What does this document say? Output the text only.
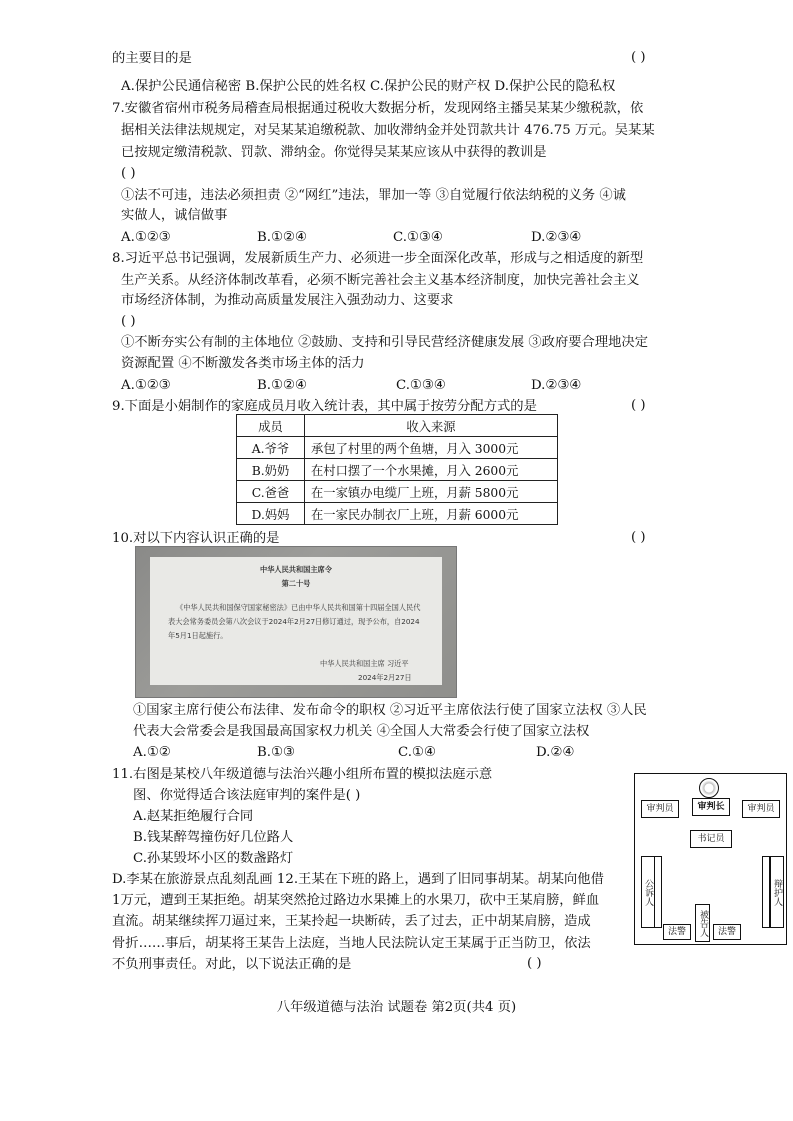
的主要目的是	( )
A.保护公民通信秘密 B.保护公民的姓名权 C.保护公民的财产权 D.保护公民的隐私权
7.安徽省宿州市税务局稽查局根据通过税收大数据分析，发现网络主播吴某某少缴税款，依
据相关法律法规规定，对吴某某追缴税款、加收滞纳金并处罚款共计 476.75 万元。吴某某
已按规定缴清税款、罚款、滞纳金。你觉得吴某某应该从中获得的教训是
( )
①法不可违，违法必须担责 ②“网红”违法，罪加一等 ③自觉履行依法纳税的义务 ④诚
实做人，诚信做事
A.①②③	B.①②④	C.①③④	D.②③④
8.习近平总书记强调，发展新质生产力、必须进一步全面深化改革，形成与之相适度的新型
生产关系。从经济体制改革看，必须不断完善社会主义基本经济制度，加快完善社会主义
市场经济体制，为推动高质量发展注入强劲动力、这要求
( )
①不断夯实公有制的主体地位 ②鼓励、支持和引导民营经济健康发展 ③政府要合理地决定
资源配置 ④不断激发各类市场主体的活力
A.①②③	B.①②④	C.①③④	D.②③④
9.下面是小娟制作的家庭成员月收入统计表，其中属于按劳分配方式的是	( )
成员	收入来源
A.爷爷	承包了村里的两个鱼塘，月入 3000元
B.奶奶	在村口摆了一个水果摊，月入 2600元
C.爸爸	在一家镇办电缆厂上班，月薪 5800元
D.妈妈	在一家民办制衣厂上班，月薪 6000元
10.对以下内容认识正确的是	( )
中华人民共和国主席令
第二十号
《中华人民共和国保守国家秘密法》已由中华人民共和国第十四届全国人民代
表大会常务委员会第八次会议于2024年2月27日修订通过，现予公布，自2024
年5月1日起施行。
中华人民共和国主席 习近平
2024年2月27日
①国家主席行使公布法律、发布命令的职权 ②习近平主席依法行使了国家立法权 ③人民
代表大会常委会是我国最高国家权力机关 ④全国人大常委会行使了国家立法权
A.①②	B.①③	C.①④	D.②④
11.右图是某校八年级道德与法治兴趣小组所布置的模拟法庭示意
图、你觉得适合该法庭审判的案件是( )
A.赵某拒绝履行合同
B.钱某醉驾撞伤好几位路人
C.孙某毁坏小区的数盏路灯
审判员	审判长	审判员
书记员
公诉人	辩护人
被告人
法警	法警
D.李某在旅游景点乱刻乱画 12.王某在下班的路上，遇到了旧同事胡某。胡某向他借
1万元，遭到王某拒绝。胡某突然抢过路边水果摊上的水果刀，砍中王某肩膀，鲜血
直流。胡某继续挥刀逼过来，王某拎起一块断砖，丢了过去，正中胡某肩膀，造成
骨折……事后，胡某将王某告上法庭，当地人民法院认定王某属于正当防卫，依法
不负刑事责任。对此，以下说法正确的是	( )
八年级道德与法治 试题卷 第2页(共4 页)
